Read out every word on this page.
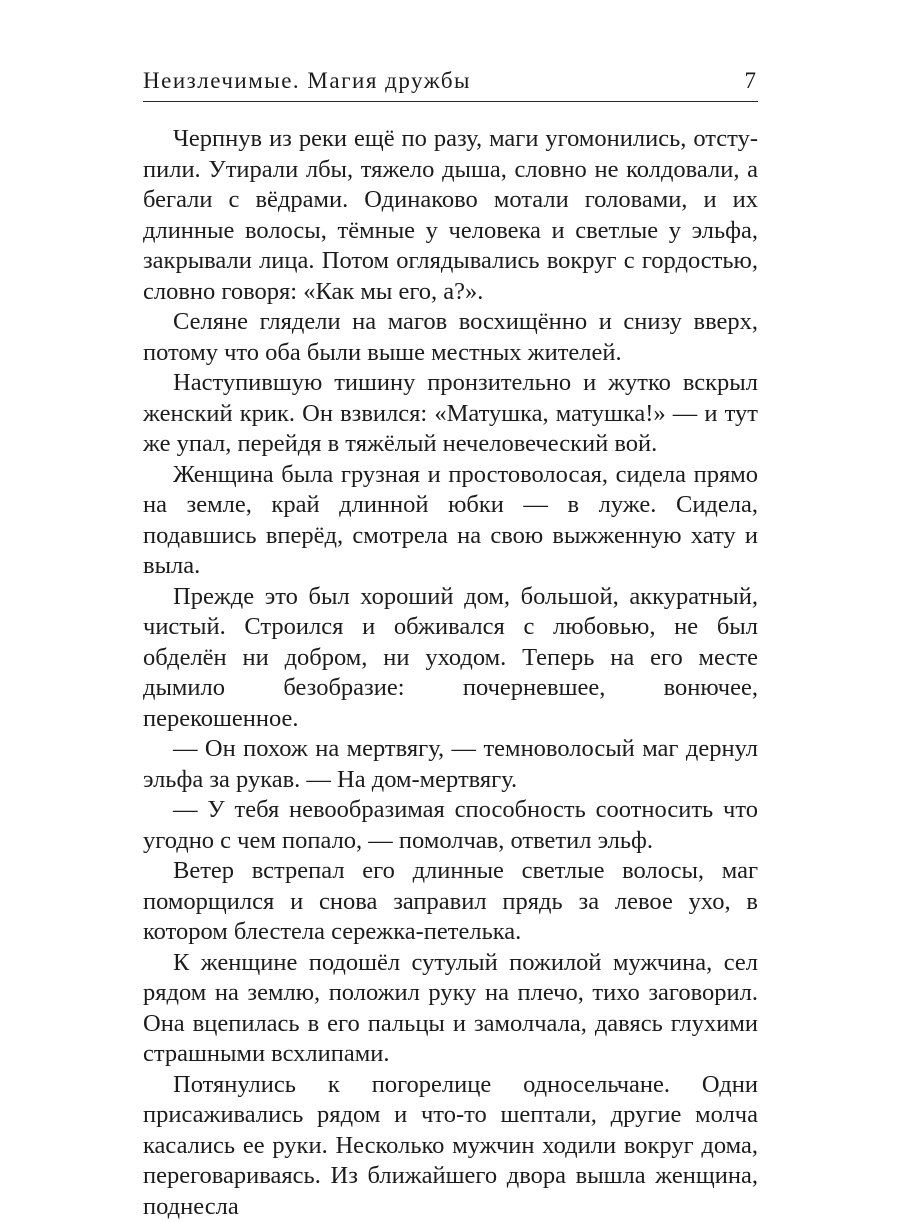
Неизлечимые. Магия дружбы	7

Черпнув из реки ещё по разу, маги угомонились, отступили. Утирали лбы, тяжело дыша, словно не колдовали, а бегали с вёдрами. Одинаково мотали головами, и их длинные волосы, тёмные у человека и светлые у эльфа, закрывали лица. Потом оглядывались вокруг с гордостью, словно говоря: «Как мы его, а?».

Селяне глядели на магов восхищённо и снизу вверх, потому что оба были выше местных жителей.

Наступившую тишину пронзительно и жутко вскрыл женский крик. Он взвился: «Матушка, матушка!» — и тут же упал, перейдя в тяжёлый нечеловеческий вой.

Женщина была грузная и простоволосая, сидела прямо на земле, край длинной юбки — в луже. Сидела, подавшись вперёд, смотрела на свою выжженную хату и выла.

Прежде это был хороший дом, большой, аккуратный, чистый. Строился и обживался с любовью, не был обделён ни добром, ни уходом. Теперь на его месте дымило безобразие: почерневшее, вонючее, перекошенное.

— Он похож на мертвягу, — темноволосый маг дернул эльфа за рукав. — На дом-мертвягу.

— У тебя невообразимая способность соотносить что угодно с чем попало, — помолчав, ответил эльф.

Ветер встрепал его длинные светлые волосы, маг поморщился и снова заправил прядь за левое ухо, в котором блестела сережка-петелька.

К женщине подошёл сутулый пожилой мужчина, сел рядом на землю, положил руку на плечо, тихо заговорил. Она вцепилась в его пальцы и замолчала, давясь глухими страшными всхлипами.

Потянулись к погорелице односельчане. Одни присаживались рядом и что-то шептали, другие молча касались ее руки. Несколько мужчин ходили вокруг дома, переговариваясь. Из ближайшего двора вышла женщина, поднесла
